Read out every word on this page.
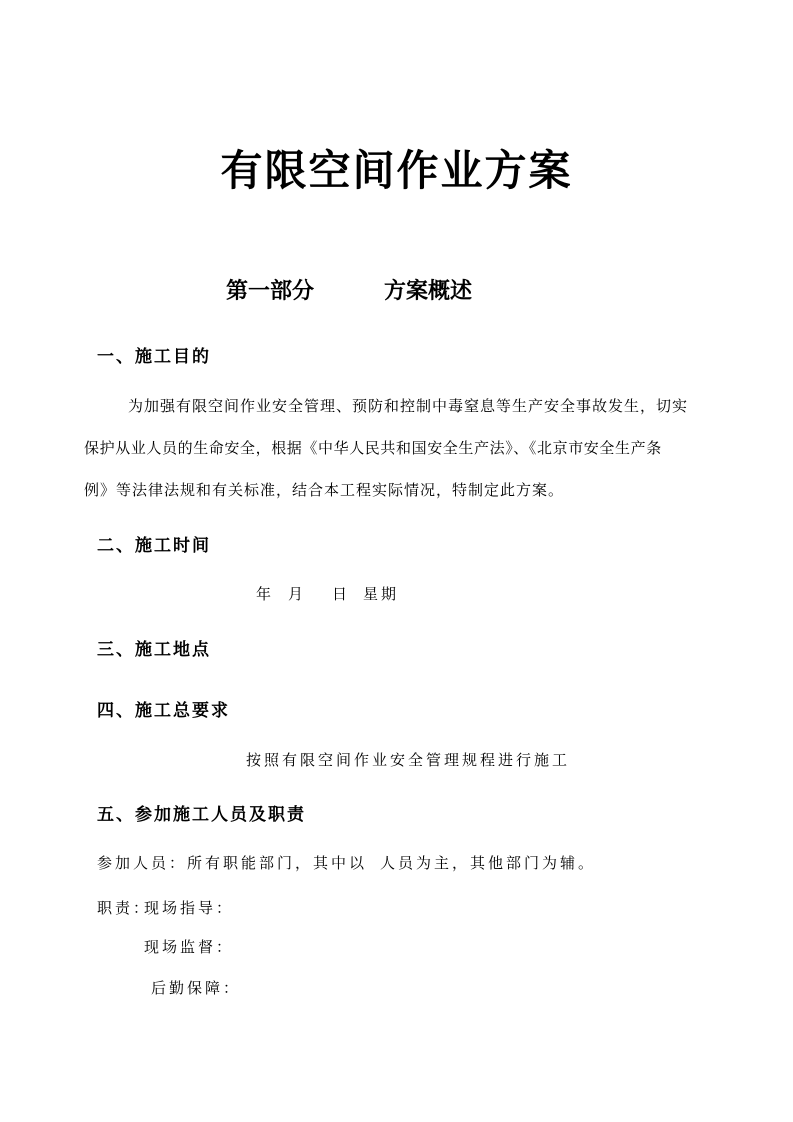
有限空间作业方案
第一部分	方案概述
一、施工目的
为加强有限空间作业安全管理、预防和控制中毒窒息等生产安全事故发生，切实
保护从业人员的生命安全，根据《中华人民共和国安全生产法》、《北京市安全生产条
例》等法律法规和有关标准，结合本工程实际情况，特制定此方案。
二、施工时间
年 月 日 星期
三、施工地点
四、施工总要求
按照有限空间作业安全管理规程进行施工
五、参加施工人员及职责
参加人员：所有职能部门，其中以 人员为主，其他部门为辅。
职责：
现场指导：
现场监督：
后勤保障：
